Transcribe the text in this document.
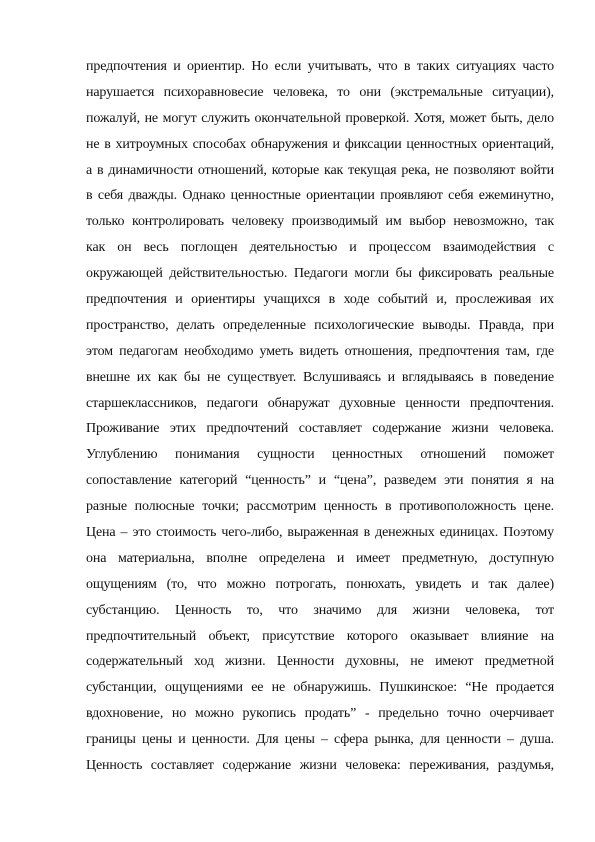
предпочтения и ориентир. Но если учитывать, что в таких ситуациях часто
нарушается психоравновесие человека, то они (экстремальные ситуации),
пожалуй, не могут служить окончательной проверкой. Хотя, может быть, дело
не в хитроумных способах обнаружения и фиксации ценностных ориентаций,
а в динамичности отношений, которые как текущая река, не позволяют войти
в себя дважды. Однако ценностные ориентации проявляют себя ежеминутно,
только контролировать человеку производимый им выбор невозможно, так
как он весь поглощен деятельностью и процессом взаимодействия с
окружающей действительностью. Педагоги могли бы фиксировать реальные
предпочтения и ориентиры учащихся в ходе событий и, прослеживая их
пространство, делать определенные психологические выводы. Правда, при
этом педагогам необходимо уметь видеть отношения, предпочтения там, где
внешне их как бы не существует. Вслушиваясь и вглядываясь в поведение
старшеклассников, педагоги обнаружат духовные ценности предпочтения.
Проживание этих предпочтений составляет содержание жизни человека.
Углублению понимания сущности ценностных отношений поможет
сопоставление категорий “ценность” и “цена”, разведем эти понятия я на
разные полюсные точки; рассмотрим ценность в противоположность цене.
Цена – это стоимость чего-либо, выраженная в денежных единицах. Поэтому
она материальна, вполне определена и имеет предметную, доступную
ощущениям (то, что можно потрогать, понюхать, увидеть и так далее)
субстанцию. Ценность то, что значимо для жизни человека, тот
предпочтительный объект, присутствие которого оказывает влияние на
содержательный ход жизни. Ценности духовны, не имеют предметной
субстанции, ощущениями ее не обнаружишь. Пушкинское: “Не продается
вдохновение, но можно рукопись продать” - предельно точно очерчивает
границы цены и ценности. Для цены – сфера рынка, для ценности – душа.
Ценность составляет содержание жизни человека: переживания, раздумья,
